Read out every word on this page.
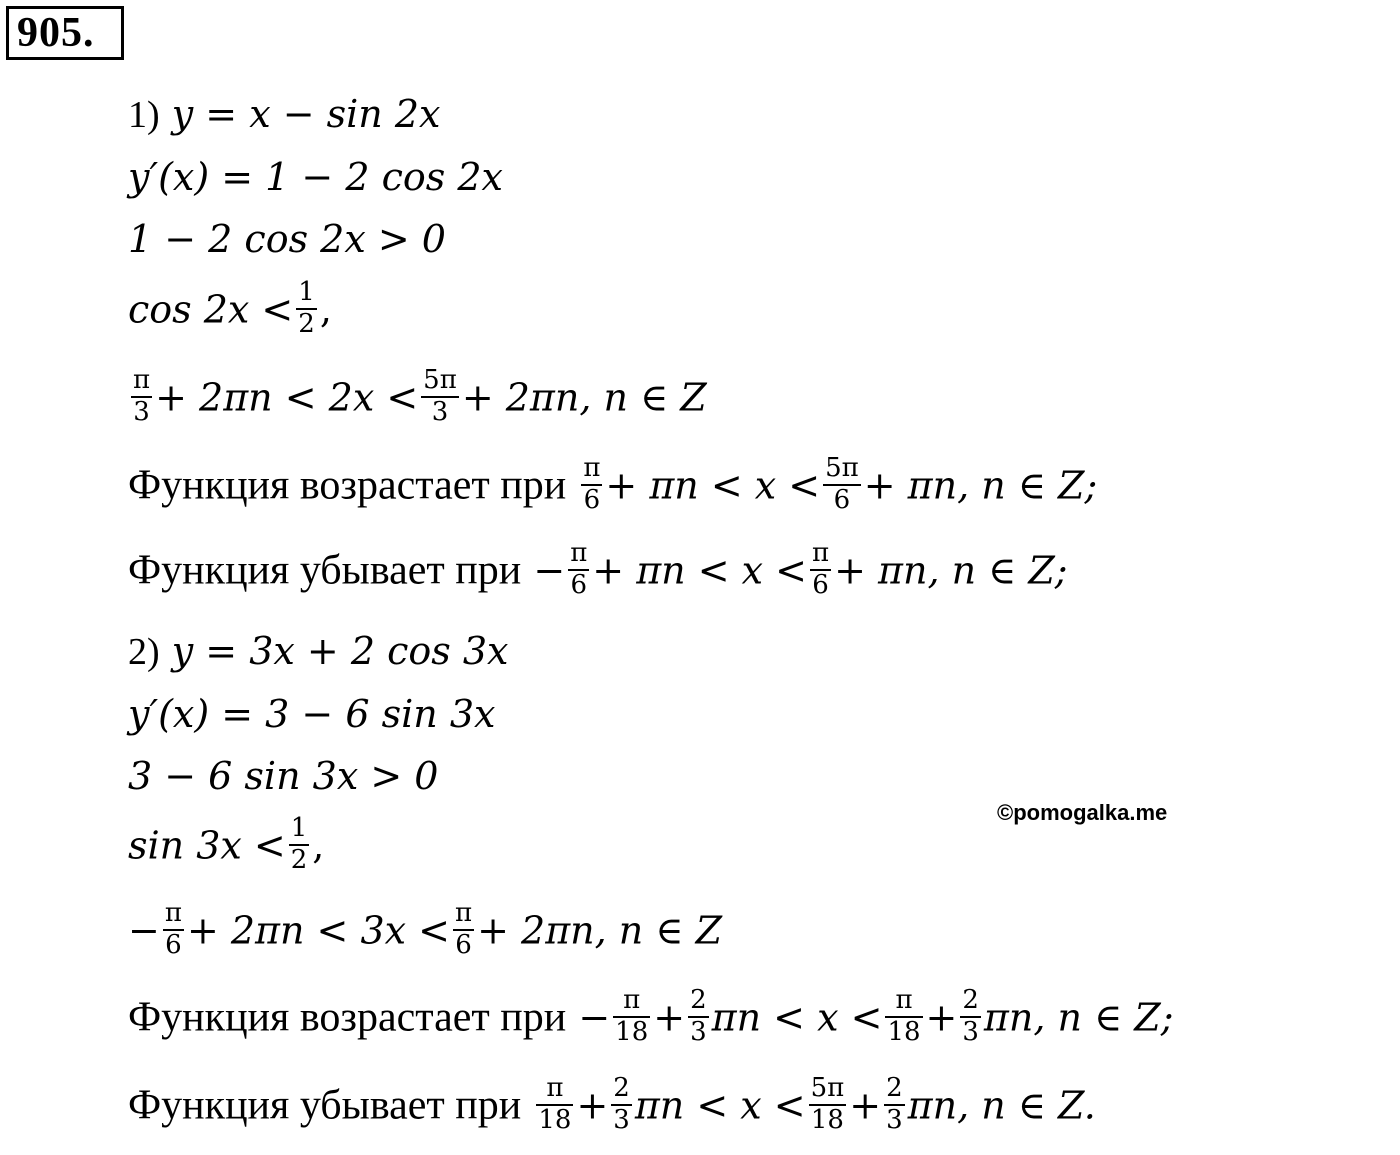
905.
1) y = x − sin 2x
y′(x) = 1 − 2 cos 2x
1 − 2 cos 2x > 0
$\cos 2x < \frac{1}{2}$ ,
$\frac{\pi}{3} + 2\pi n < 2x < \frac{5\pi}{3} + 2\pi n$, n ∈ Z
Функция возрастает при $\frac{\pi}{6} + \pi n < x < \frac{5\pi}{6} + \pi n$, n ∈ Z;
Функция убывает при − $\frac{\pi}{6} + \pi n < x < \frac{\pi}{6} + \pi n$, n ∈ Z;
2) y = 3x + 2 cos 3x
y′(x) = 3 − 6 sin 3x
3 − 6 sin 3x > 0
$\sin 3x < \frac{1}{2}$ ,
− $\frac{\pi}{6} + 2\pi n < 3x < \frac{\pi}{6} + 2\pi n$, n ∈ Z
Функция возрастает при − $\frac{\pi}{18} + \frac{2}{3}$ $\pi n < x < \frac{\pi}{18} + \frac{2}{3} \pi n$, n ∈ Z;
Функция убывает при $\frac{\pi}{18} + \frac{2}{3}$ $\pi n < x < \frac{5\pi}{18} + \frac{2}{3} \pi n$, n ∈ Z.
©pomogalka.me
